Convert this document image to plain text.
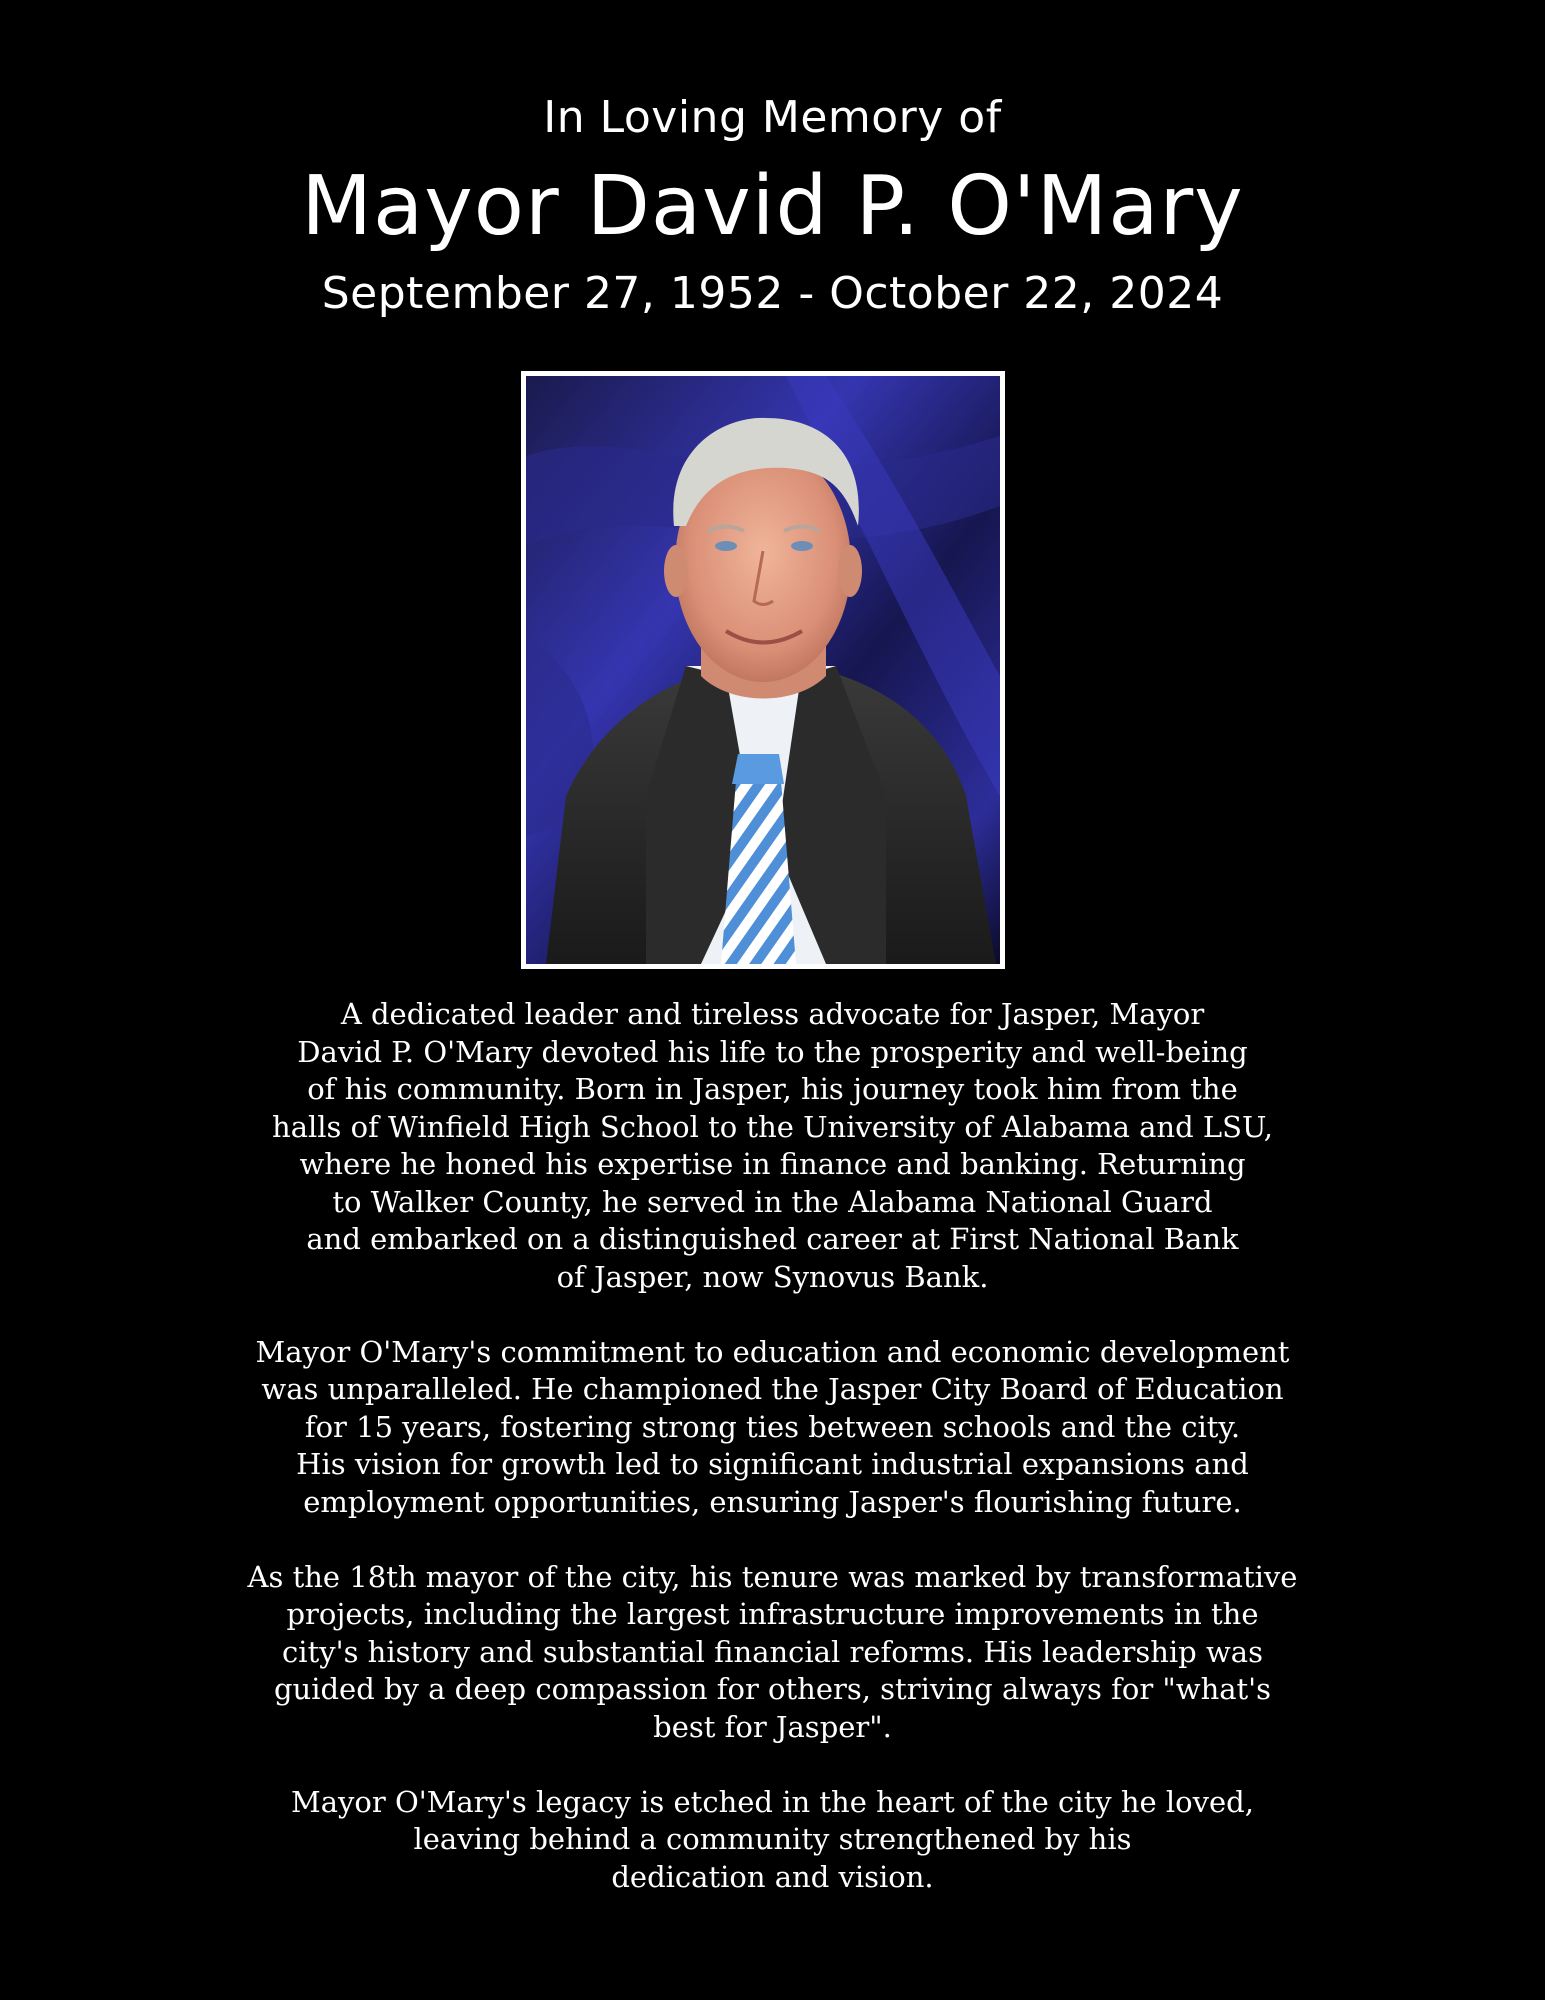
In Loving Memory of

Mayor David P. O'Mary

September 27, 1952 - October 22, 2024

A dedicated leader and tireless advocate for Jasper, Mayor
David P. O'Mary devoted his life to the prosperity and well-being
of his community. Born in Jasper, his journey took him from the
halls of Winfield High School to the University of Alabama and LSU,
where he honed his expertise in finance and banking. Returning
to Walker County, he served in the Alabama National Guard
and embarked on a distinguished career at First National Bank
of Jasper, now Synovus Bank.

Mayor O'Mary's commitment to education and economic development
was unparalleled. He championed the Jasper City Board of Education
for 15 years, fostering strong ties between schools and the city.
His vision for growth led to significant industrial expansions and
employment opportunities, ensuring Jasper's flourishing future.

As the 18th mayor of the city, his tenure was marked by transformative
projects, including the largest infrastructure improvements in the
city's history and substantial financial reforms. His leadership was
guided by a deep compassion for others, striving always for "what's
best for Jasper".

Mayor O'Mary's legacy is etched in the heart of the city he loved,
leaving behind a community strengthened by his
dedication and vision.
